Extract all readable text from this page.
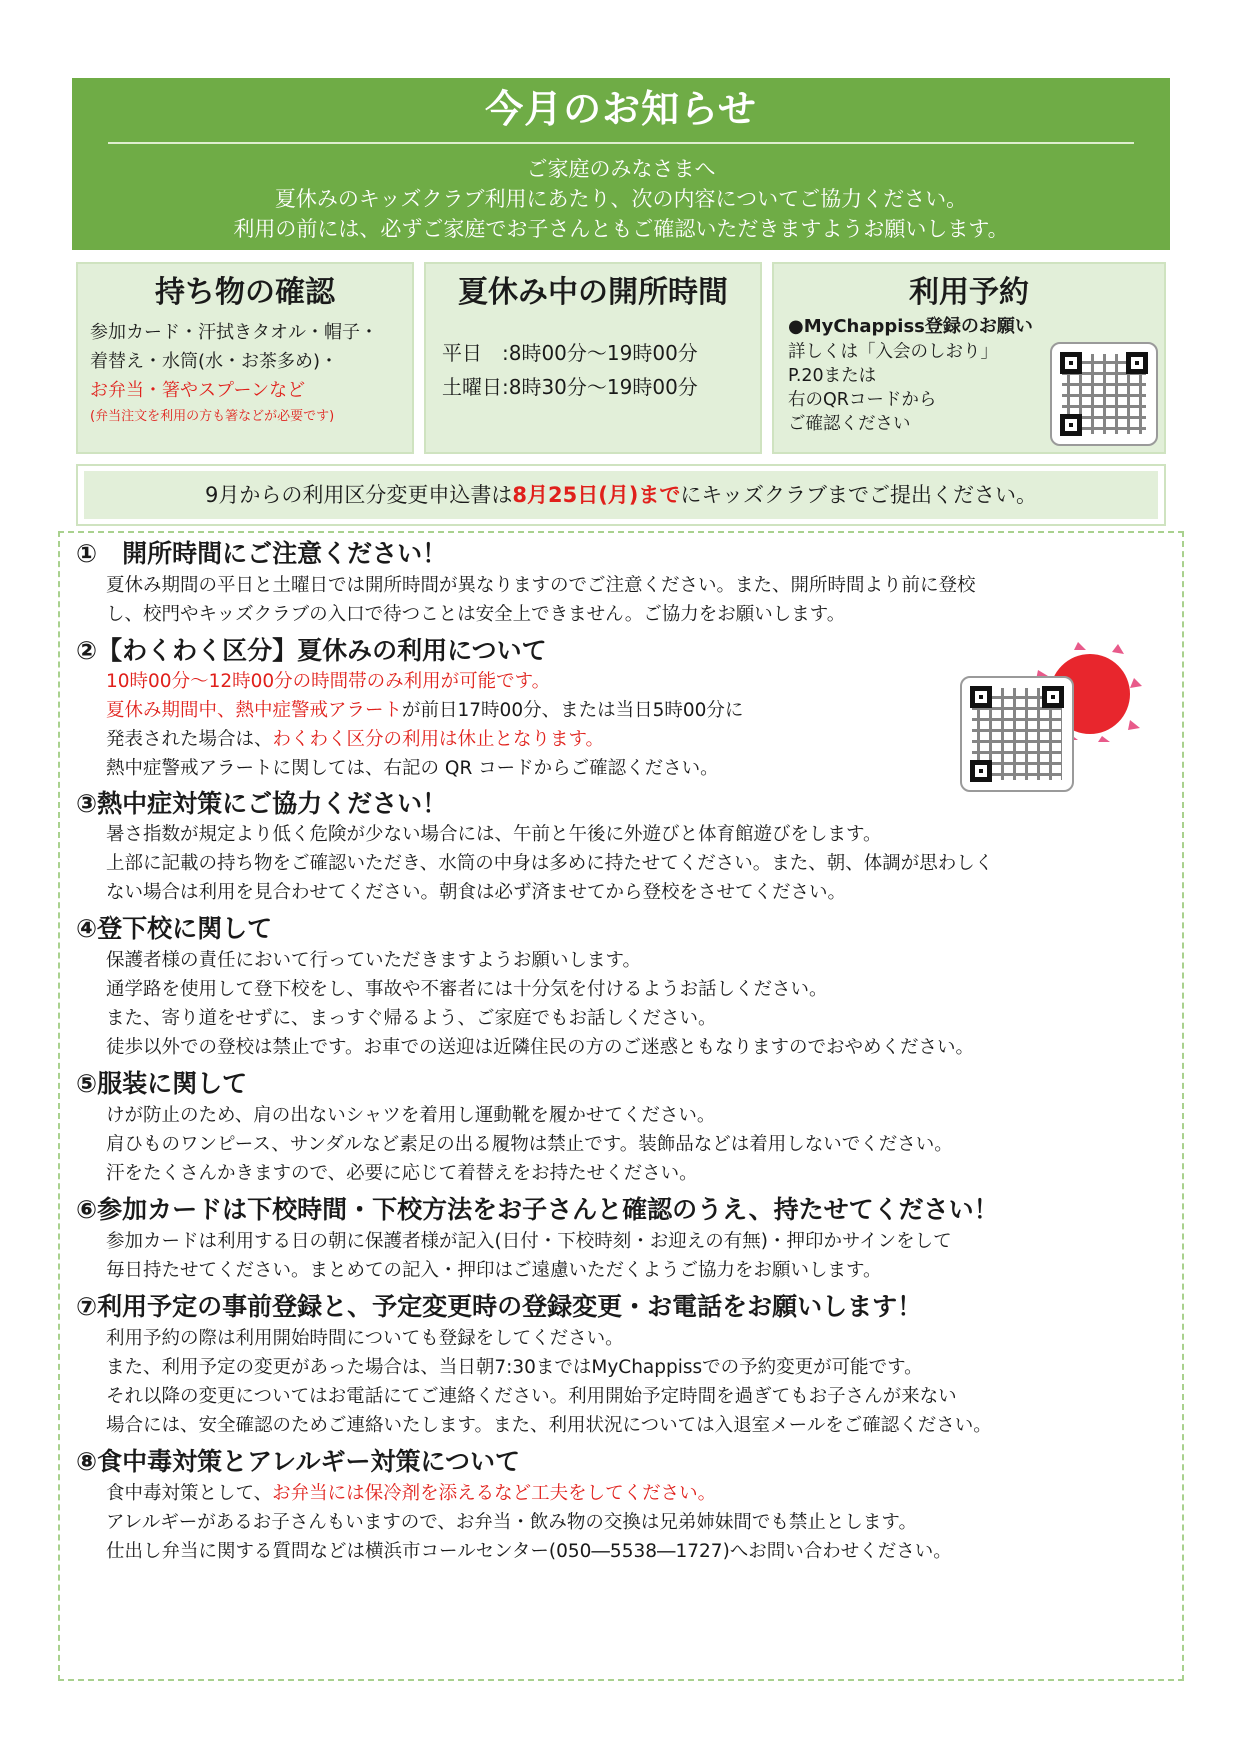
今月のお知らせ
ご家庭のみなさまへ
夏休みのキッズクラブ利用にあたり、次の内容についてご協力ください。
利用の前には、必ずご家庭でお子さんともご確認いただきますようお願いします。
持ち物の確認
参加カード・汗拭きタオル・帽子・
着替え・水筒(水・お茶多め)・
お弁当・箸やスプーンなど
(弁当注文を利用の方も箸などが必要です)
夏休み中の開所時間
平日　:8時00分～19時00分
土曜日:8時30分～19時00分
利用予約
●MyChappiss登録のお願い
詳しくは「入会のしおり」
P.20または
右のQRコードから
ご確認ください
9月からの利用区分変更申込書は8月25日(月)までにキッズクラブまでご提出ください。
①　開所時間にご注意ください！
夏休み期間の平日と土曜日では開所時間が異なりますのでご注意ください。また、開所時間より前に登校
し、校門やキッズクラブの入口で待つことは安全上できません。ご協力をお願いします。
②【わくわく区分】夏休みの利用について
10時00分～12時00分の時間帯のみ利用が可能です。
夏休み期間中、熱中症警戒アラートが前日17時00分、または当日5時00分に
発表された場合は、わくわく区分の利用は休止となります。
熱中症警戒アラートに関しては、右記の QR コードからご確認ください。
③熱中症対策にご協力ください！
暑さ指数が規定より低く危険が少ない場合には、午前と午後に外遊びと体育館遊びをします。
上部に記載の持ち物をご確認いただき、水筒の中身は多めに持たせてください。また、朝、体調が思わしく
ない場合は利用を見合わせてください。朝食は必ず済ませてから登校をさせてください。
④登下校に関して
保護者様の責任において行っていただきますようお願いします。
通学路を使用して登下校をし、事故や不審者には十分気を付けるようお話しください。
また、寄り道をせずに、まっすぐ帰るよう、ご家庭でもお話しください。
徒歩以外での登校は禁止です。お車での送迎は近隣住民の方のご迷惑ともなりますのでおやめください。
⑤服装に関して
けが防止のため、肩の出ないシャツを着用し運動靴を履かせてください。
肩ひものワンピース、サンダルなど素足の出る履物は禁止です。装飾品などは着用しないでください。
汗をたくさんかきますので、必要に応じて着替えをお持たせください。
⑥参加カードは下校時間・下校方法をお子さんと確認のうえ、持たせてください！
参加カードは利用する日の朝に保護者様が記入(日付・下校時刻・お迎えの有無)・押印かサインをして
毎日持たせてください。まとめての記入・押印はご遠慮いただくようご協力をお願いします。
⑦利用予定の事前登録と、予定変更時の登録変更・お電話をお願いします！
利用予約の際は利用開始時間についても登録をしてください。
また、利用予定の変更があった場合は、当日朝7:30まではMyChappissでの予約変更が可能です。
それ以降の変更についてはお電話にてご連絡ください。利用開始予定時間を過ぎてもお子さんが来ない
場合には、安全確認のためご連絡いたします。また、利用状況については入退室メールをご確認ください。
⑧食中毒対策とアレルギー対策について
食中毒対策として、お弁当には保冷剤を添えるなど工夫をしてください。
アレルギーがあるお子さんもいますので、お弁当・飲み物の交換は兄弟姉妹間でも禁止とします。
仕出し弁当に関する質問などは横浜市コールセンター(050―5538―1727)へお問い合わせください。
